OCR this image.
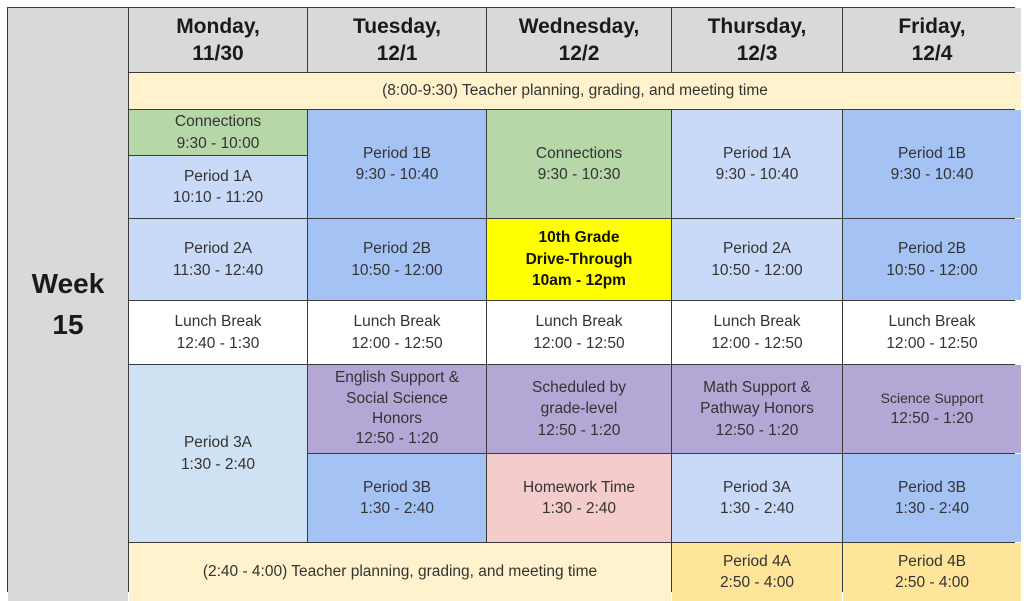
Week
15
Monday,
11/30
Tuesday,
12/1
Wednesday,
12/2
Thursday,
12/3
Friday,
12/4
(8:00-9:30) Teacher planning, grading, and meeting time
Connections
9:30 - 10:00
Period 1A
10:10 - 11:20
Period 2A
11:30 - 12:40
Lunch Break
12:40 - 1:30
Period 3A
1:30 - 2:40
Period 1B
9:30 - 10:40
Period 2B
10:50 - 12:00
Lunch Break
12:00 - 12:50
English Support &
Social Science
Honors
12:50 - 1:20
Period 3B
1:30 - 2:40
Connections
9:30 - 10:30
10th Grade
Drive-Through
10am - 12pm
Lunch Break
12:00 - 12:50
Scheduled by
grade-level
12:50 - 1:20
Homework Time
1:30 - 2:40
Period 1A
9:30 - 10:40
Period 2A
10:50 - 12:00
Lunch Break
12:00 - 12:50
Math Support &
Pathway Honors
12:50 - 1:20
Period 3A
1:30 - 2:40
Period 4A
2:50 - 4:00
Period 1B
9:30 - 10:40
Period 2B
10:50 - 12:00
Lunch Break
12:00 - 12:50
Science Support
12:50 - 1:20
Period 3B
1:30 - 2:40
Period 4B
2:50 - 4:00
(2:40 - 4:00) Teacher planning, grading, and meeting time
